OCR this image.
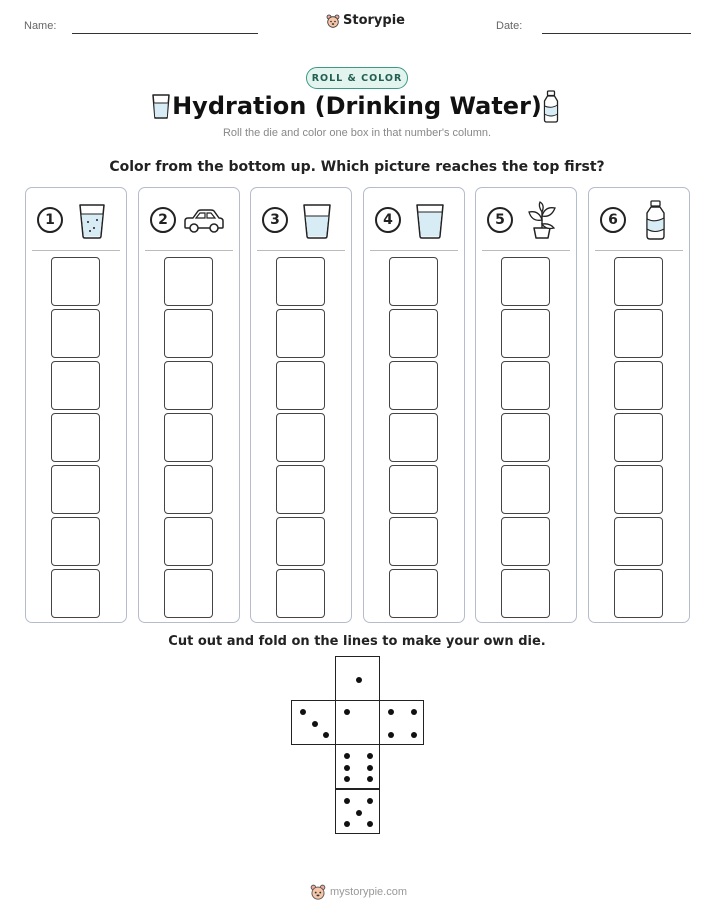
Name:	Storypie	Date:
ROLL & COLOR
Hydration (Drinking Water)
Roll the die and color one box in that number's column.
Color from the bottom up. Which picture reaches the top first?
1	2	3	4	5	6
Cut out and fold on the lines to make your own die.
mystorypie.com
